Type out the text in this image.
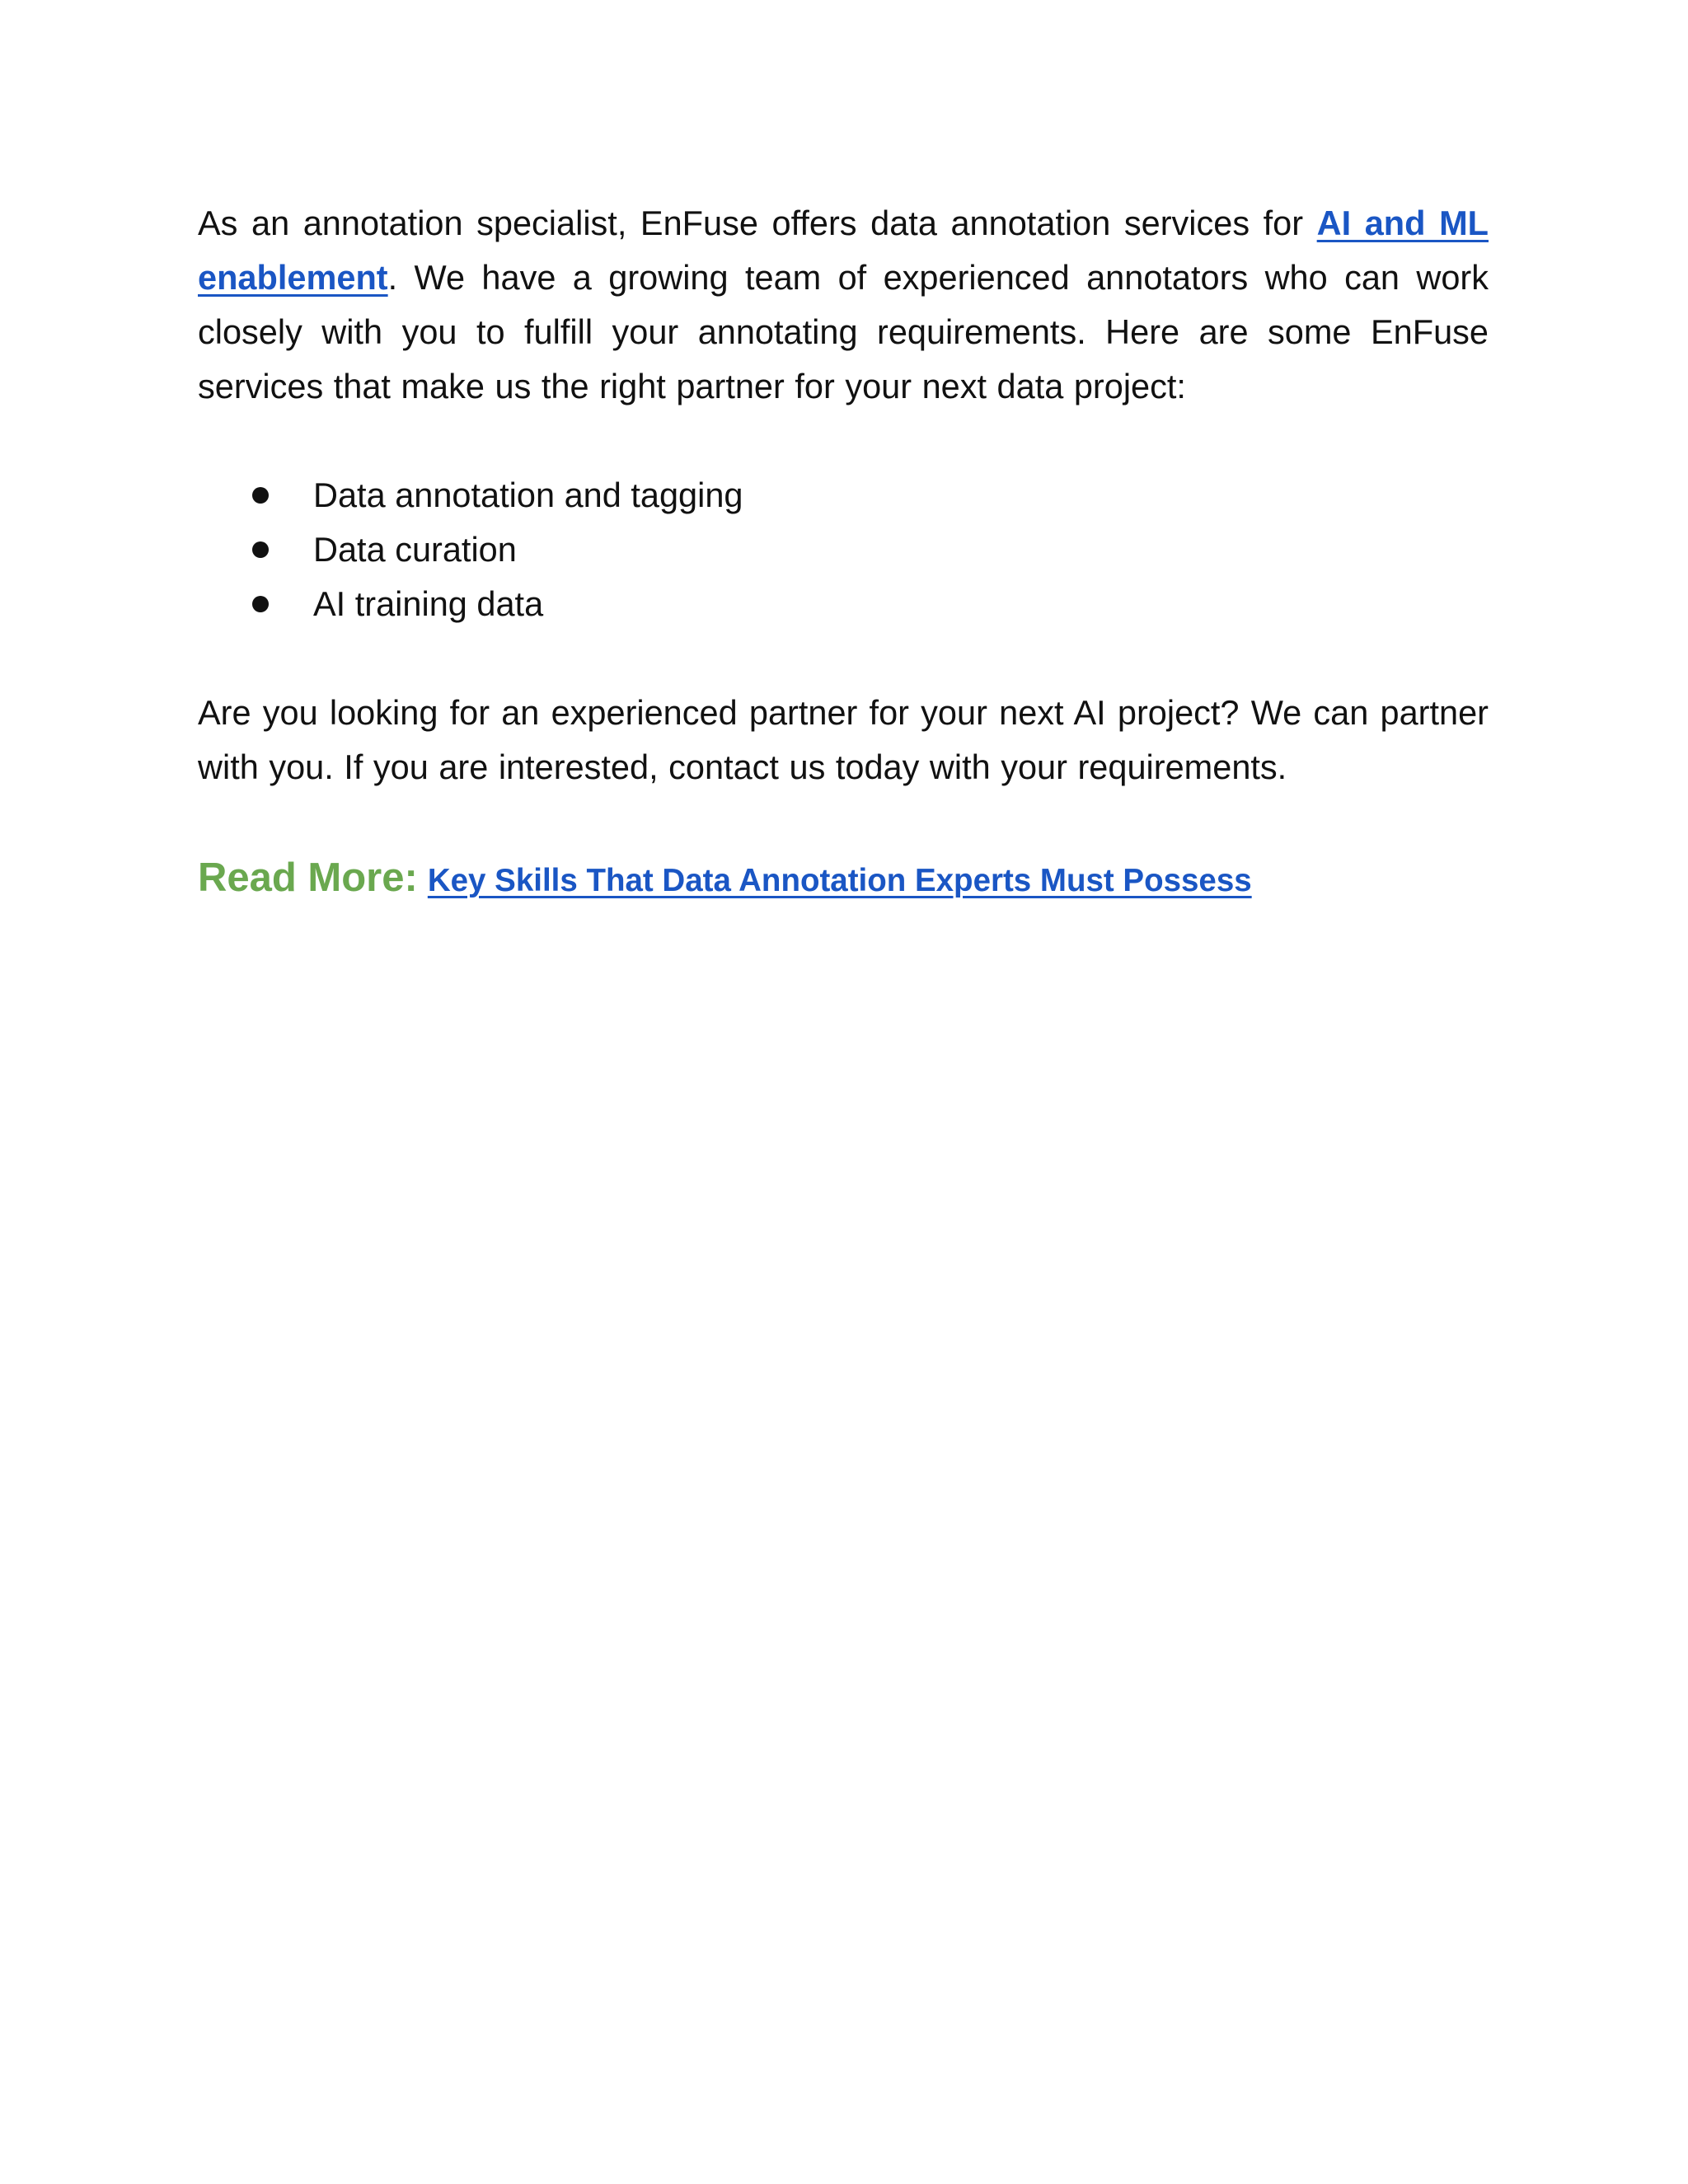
As an annotation specialist, EnFuse offers data annotation services for AI and ML enablement. We have a growing team of experienced annotators who can work closely with you to fulfill your annotating requirements. Here are some EnFuse services that make us the right partner for your next data project:

Data annotation and tagging
Data curation
AI training data

Are you looking for an experienced partner for your next AI project? We can partner with you. If you are interested, contact us today with your requirements.

Read More: Key Skills That Data Annotation Experts Must Possess
